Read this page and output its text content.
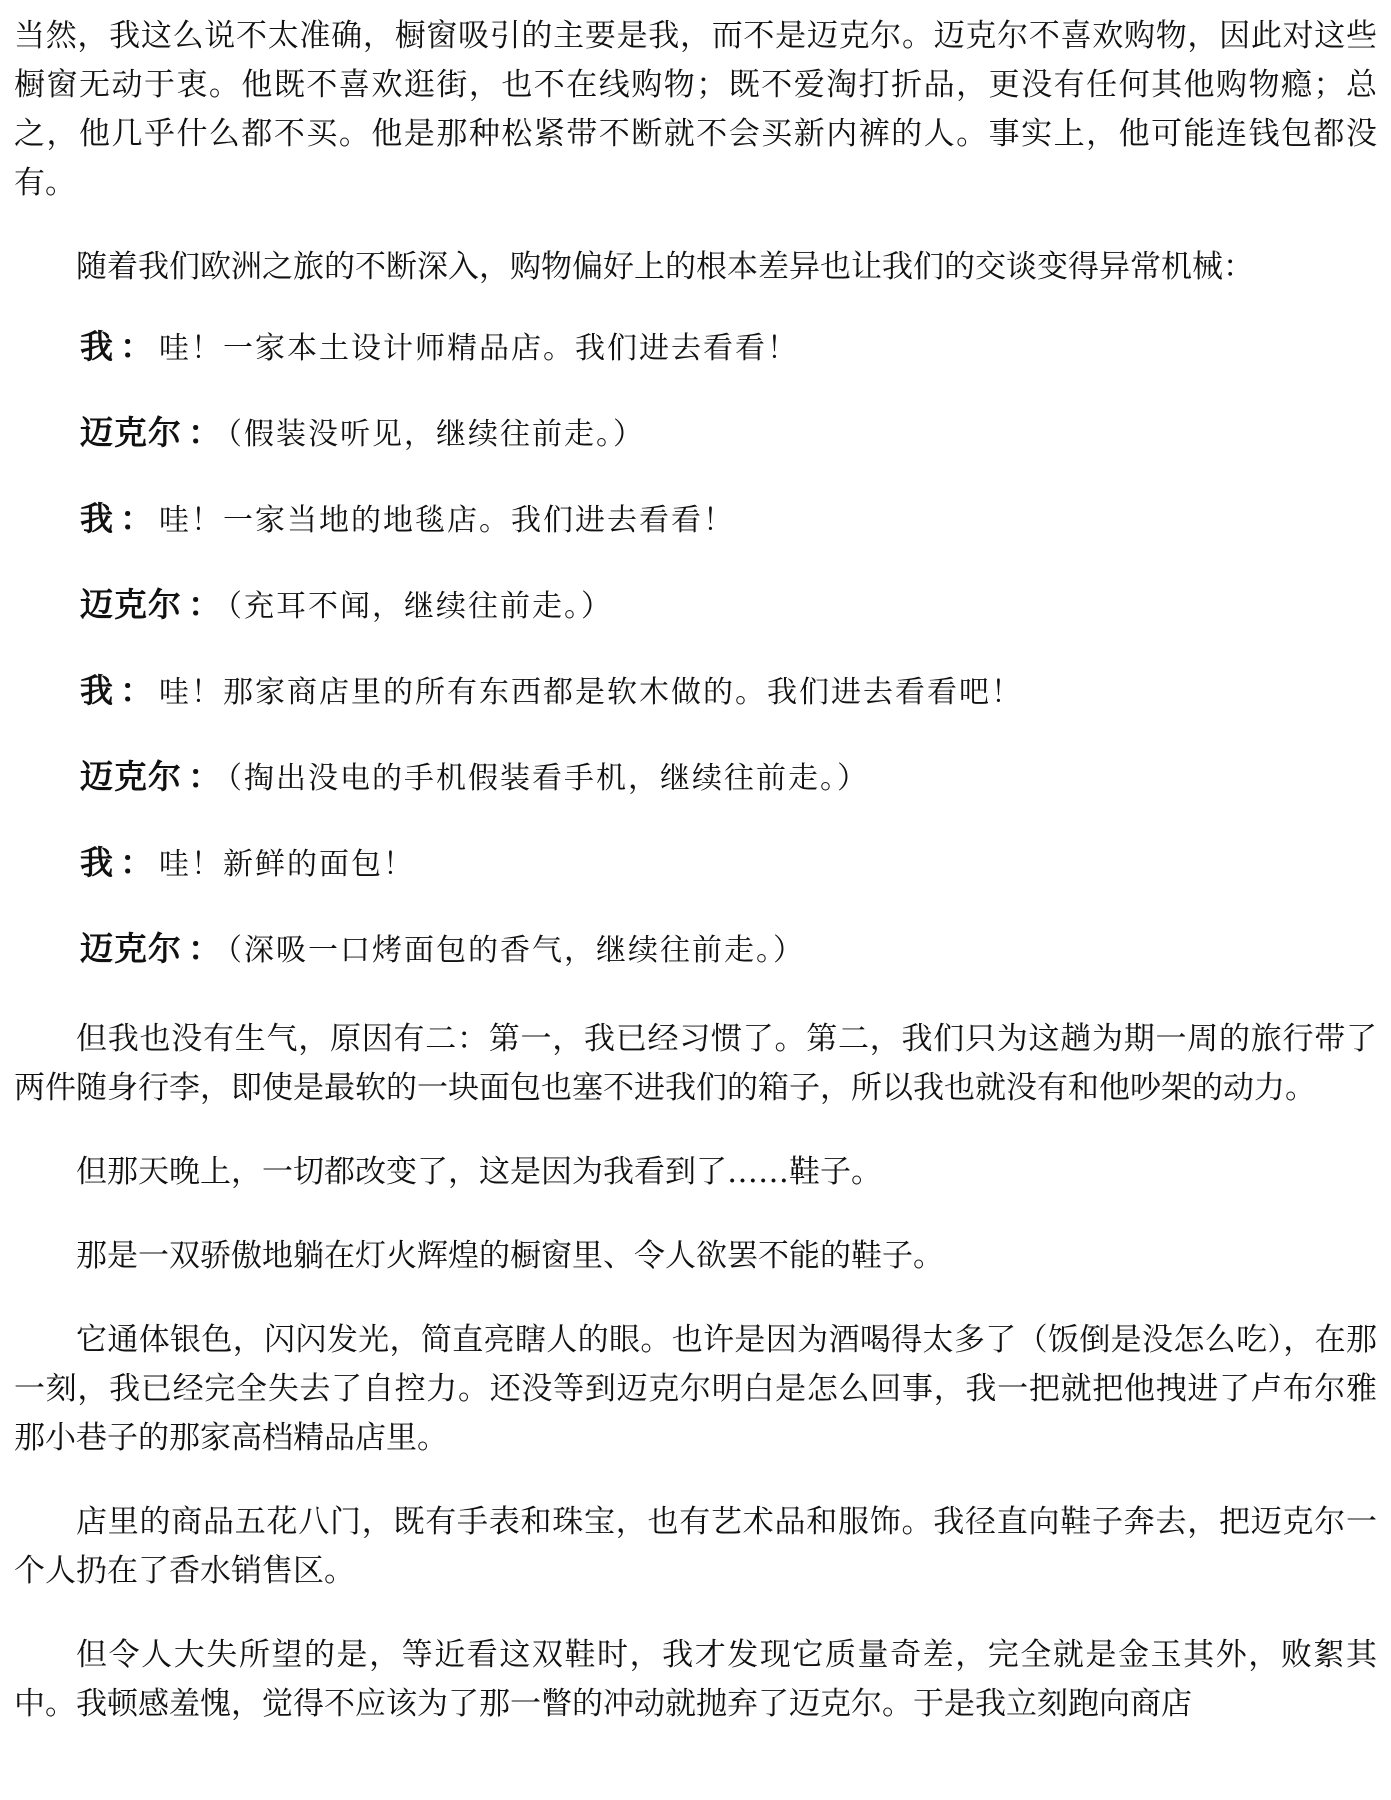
当然，我这么说不太准确，橱窗吸引的主要是我，而不是迈克尔。迈克尔不喜欢购物，因此对这些橱窗无动于衷。他既不喜欢逛街，也不在线购物；既不爱淘打折品，更没有任何其他购物瘾；总之，他几乎什么都不买。他是那种松紧带不断就不会买新内裤的人。事实上，他可能连钱包都没有。

随着我们欧洲之旅的不断深入，购物偏好上的根本差异也让我们的交谈变得异常机械：

我 ： 哇！一家本土设计师精品店。我们进去看看！
迈克尔 ： （假装没听见，继续往前走。）
我 ： 哇！一家当地的地毯店。我们进去看看！
迈克尔 ： （充耳不闻，继续往前走。）
我 ： 哇！那家商店里的所有东西都是软木做的。我们进去看看吧！
迈克尔 ： （掏出没电的手机假装看手机，继续往前走。）
我 ： 哇！新鲜的面包！
迈克尔 ： （深吸一口烤面包的香气，继续往前走。）

但我也没有生气，原因有二：第一，我已经习惯了。第二，我们只为这趟为期一周的旅行带了两件随身行李，即使是最软的一块面包也塞不进我们的箱子，所以我也就没有和他吵架的动力。

但那天晚上，一切都改变了，这是因为我看到了……鞋子。

那是一双骄傲地躺在灯火辉煌的橱窗里、令人欲罢不能的鞋子。

它通体银色，闪闪发光，简直亮瞎人的眼。也许是因为酒喝得太多了（饭倒是没怎么吃），在那一刻，我已经完全失去了自控力。还没等到迈克尔明白是怎么回事，我一把就把他拽进了卢布尔雅那小巷子的那家高档精品店里。

店里的商品五花八门，既有手表和珠宝，也有艺术品和服饰。我径直向鞋子奔去，把迈克尔一个人扔在了香水销售区。

但令人大失所望的是，等近看这双鞋时，我才发现它质量奇差，完全就是金玉其外，败絮其中。我顿感羞愧，觉得不应该为了那一瞥的冲动就抛弃了迈克尔。于是我立刻跑向商店
